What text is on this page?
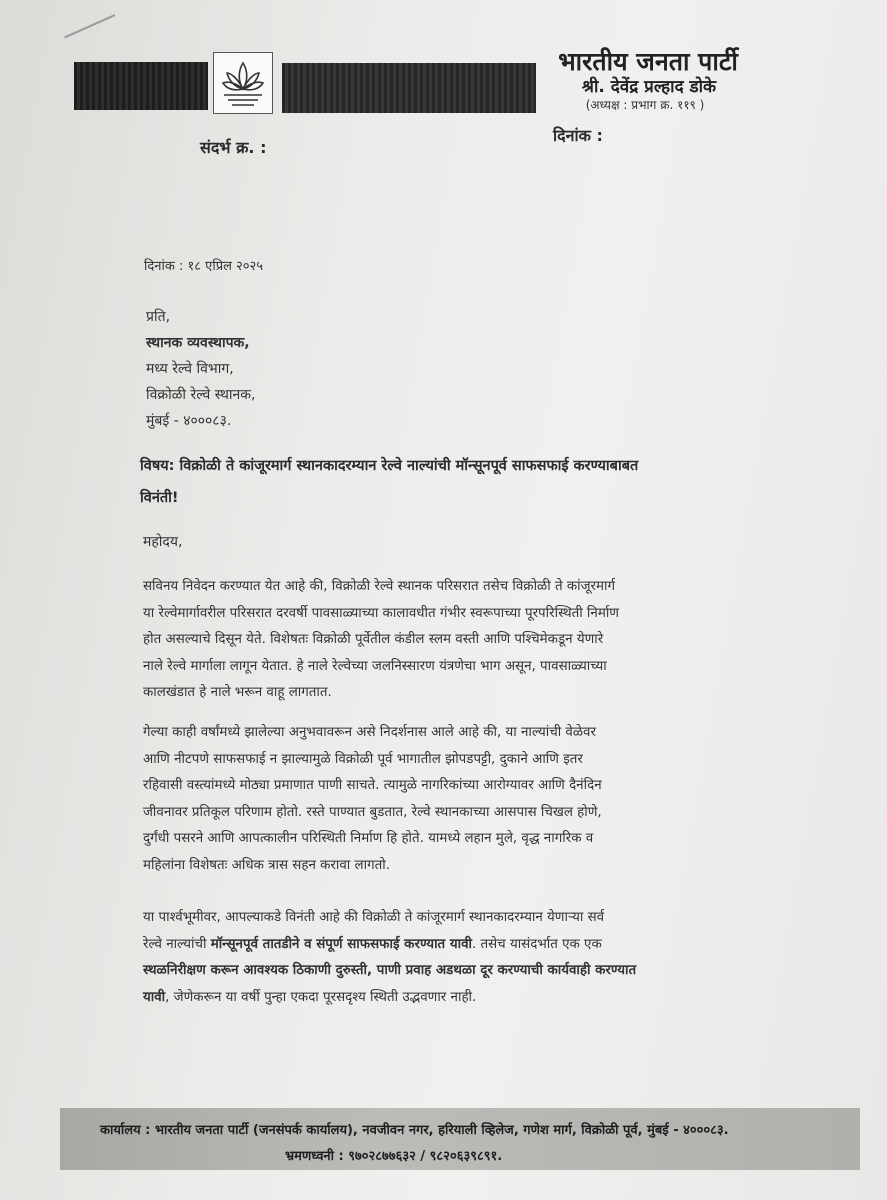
भारतीय जनता पार्टी
श्री. देवेंद्र प्रल्हाद डोके
(अध्यक्ष : प्रभाग क्र. ११९ )
संदर्भ क्र. :
दिनांक :
दिनांक : १८ एप्रिल २०२५
प्रति,
स्थानक व्यवस्थापक,
मध्य रेल्वे विभाग,
विक्रोळी रेल्वे स्थानक,
मुंबई - ४०००८३.
विषय: विक्रोळी ते कांजूरमार्ग स्थानकादरम्यान रेल्वे नाल्यांची मॉन्सूनपूर्व साफसफाई करण्याबाबत
विनंती!
महोदय,
सविनय निवेदन करण्यात येत आहे की, विक्रोळी रेल्वे स्थानक परिसरात तसेच विक्रोळी ते कांजूरमार्ग
या रेल्वेमार्गावरील परिसरात दरवर्षी पावसाळ्याच्या कालावधीत गंभीर स्वरूपाच्या पूरपरिस्थिती निर्माण
होत असल्याचे दिसून येते. विशेषतः विक्रोळी पूर्वेतील कंडील स्लम वस्ती आणि पश्चिमेकडून येणारे
नाले रेल्वे मार्गाला लागून येतात. हे नाले रेल्वेच्या जलनिस्सारण यंत्रणेचा भाग असून, पावसाळ्याच्या
कालखंडात हे नाले भरून वाहू लागतात.
गेल्या काही वर्षांमध्ये झालेल्या अनुभवावरून असे निदर्शनास आले आहे की, या नाल्यांची वेळेवर
आणि नीटपणे साफसफाई न झाल्यामुळे विक्रोळी पूर्व भागातील झोपडपट्टी, दुकाने आणि इतर
रहिवासी वस्त्यांमध्ये मोठ्या प्रमाणात पाणी साचते. त्यामुळे नागरिकांच्या आरोग्यावर आणि दैनंदिन
जीवनावर प्रतिकूल परिणाम होतो. रस्ते पाण्यात बुडतात, रेल्वे स्थानकाच्या आसपास चिखल होणे,
दुर्गंधी पसरने आणि आपत्कालीन परिस्थिती निर्माण हि होते. यामध्ये लहान मुले, वृद्ध नागरिक व
महिलांना विशेषतः अधिक त्रास सहन करावा लागतो.
या पार्श्वभूमीवर, आपल्याकडे विनंती आहे की विक्रोळी ते कांजूरमार्ग स्थानकादरम्यान येणाऱ्या सर्व
रेल्वे नाल्यांची मॉन्सूनपूर्व तातडीने व संपूर्ण साफसफाई करण्यात यावी. तसेच यासंदर्भात एक एक
स्थळनिरीक्षण करून आवश्यक ठिकाणी दुरुस्ती, पाणी प्रवाह अडथळा दूर करण्याची कार्यवाही करण्यात
यावी, जेणेकरून या वर्षी पुन्हा एकदा पूरसदृश्य स्थिती उद्भवणार नाही.
कार्यालय : भारतीय जनता पार्टी (जनसंपर्क कार्यालय), नवजीवन नगर, हरियाली व्हिलेज, गणेश मार्ग, विक्रोळी पूर्व, मुंबई - ४०००८३.
भ्रमणध्वनी : ९७०२८७७६३२ / ९८२०६३९८९१.
